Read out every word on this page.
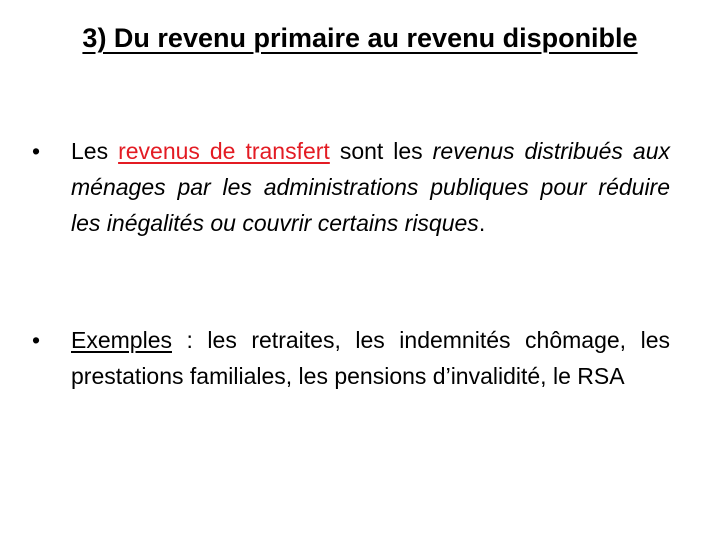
3) Du revenu primaire au revenu disponible
•	Les revenus de transfert sont les revenus distribués aux ménages par les administrations publiques pour réduire les inégalités ou couvrir certains risques.
•	Exemples : les retraites, les indemnités chômage, les prestations familiales, les pensions d’invalidité, le RSA
